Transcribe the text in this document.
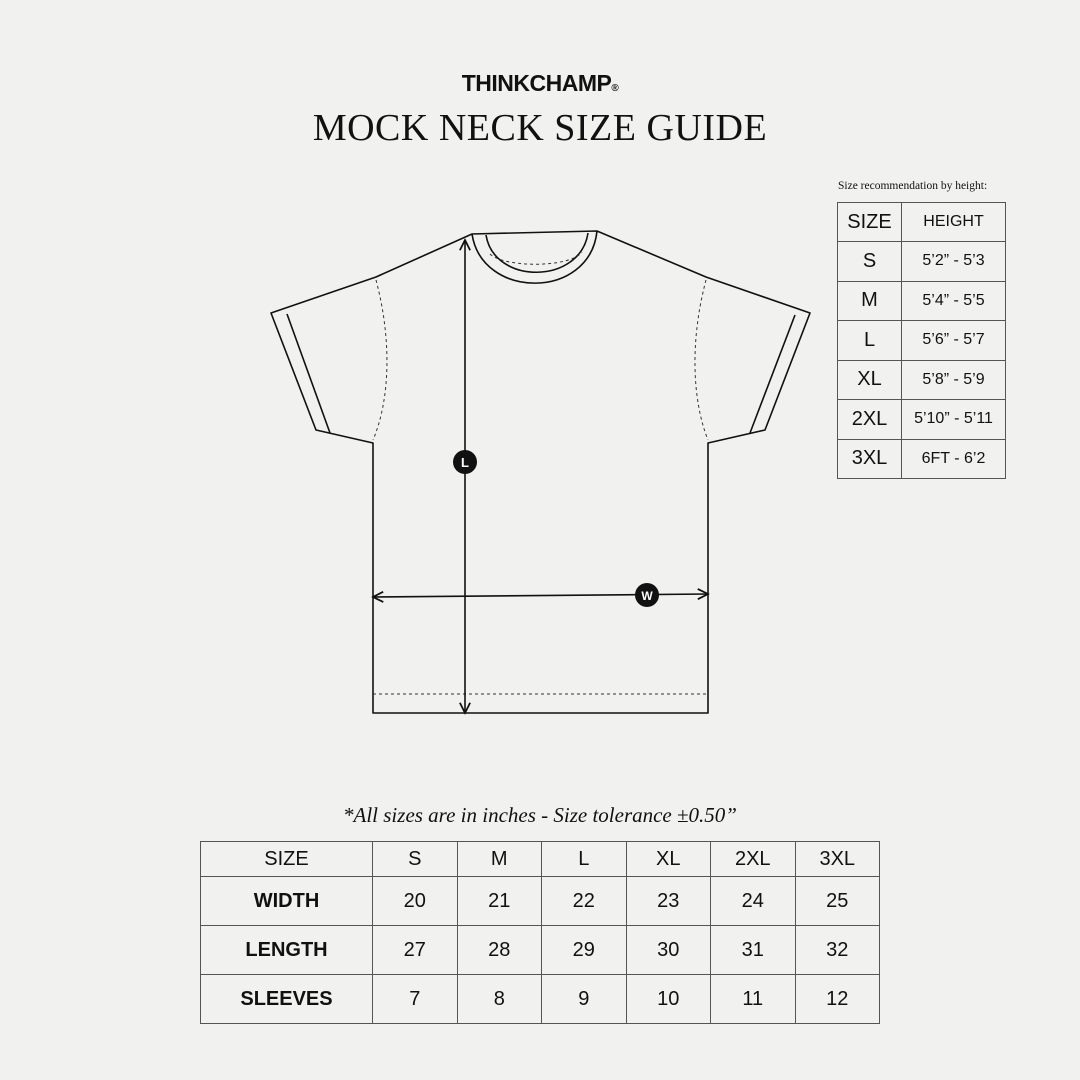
THINKCHAMP®
MOCK NECK SIZE GUIDE
Size recommendation by height:
SIZE	HEIGHT
S	5’2” - 5’3
M	5’4” - 5’5
L	5’6” - 5’7
XL	5’8” - 5’9
2XL	5’10” - 5’11
3XL	6FT - 6’2
L
W
*All sizes are in inches - Size tolerance ±0.50”
SIZE	S	M	L	XL	2XL	3XL
WIDTH	20	21	22	23	24	25
LENGTH	27	28	29	30	31	32
SLEEVES	7	8	9	10	11	12
